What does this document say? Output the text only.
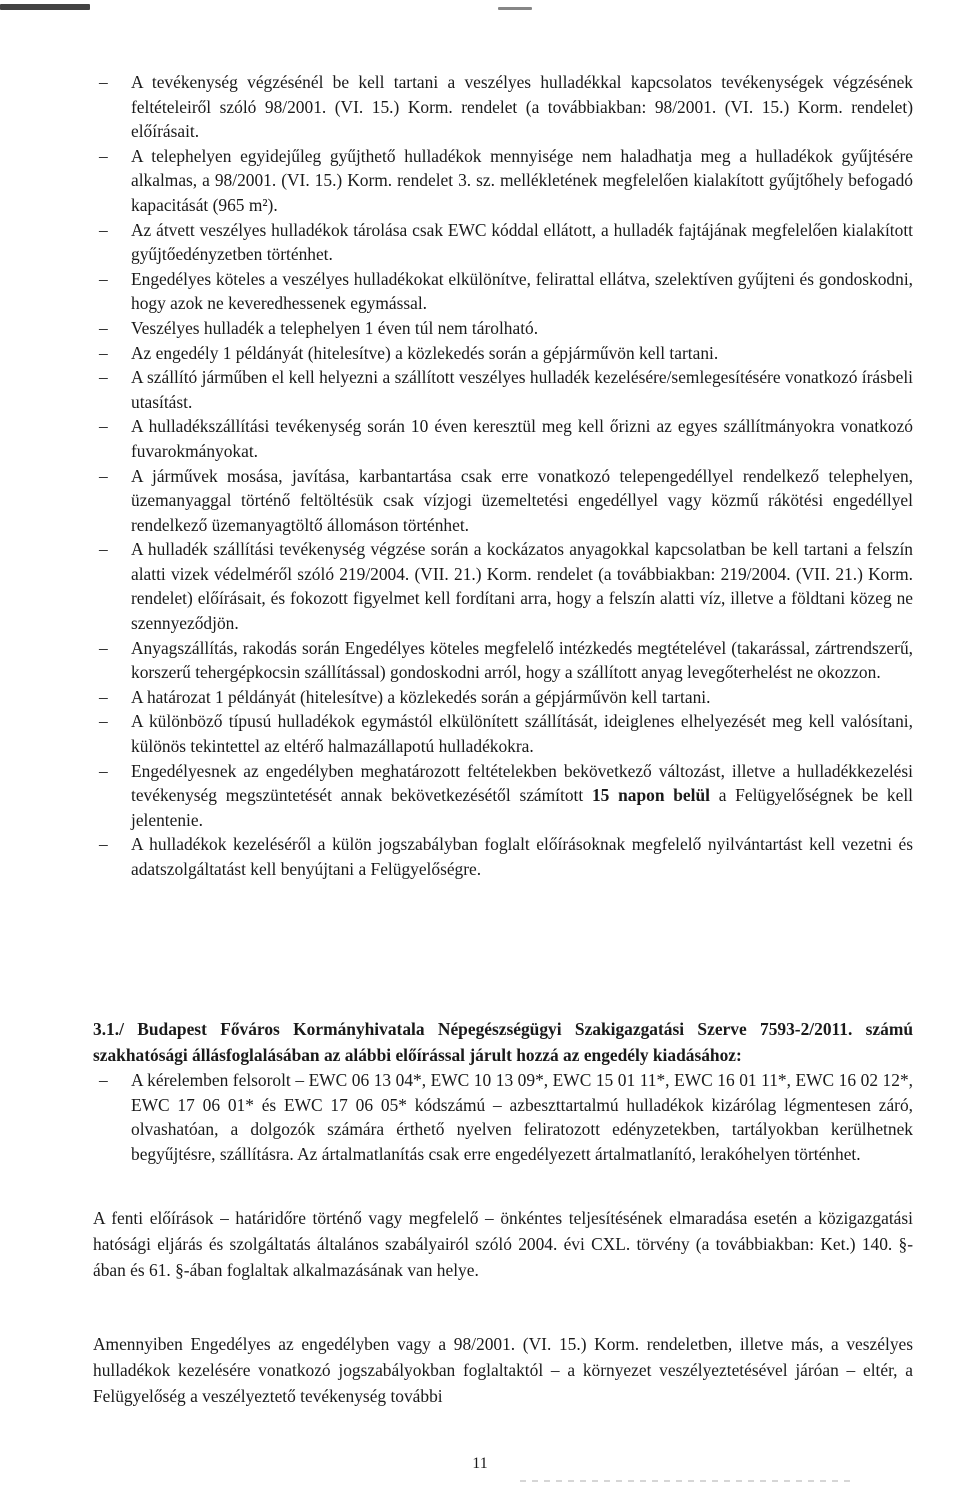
–	A tevékenység végzésénél be kell tartani a veszélyes hulladékkal kapcsolatos tevékenységek végzésének feltételeiről szóló 98/2001. (VI. 15.) Korm. rendelet (a továbbiakban: 98/2001. (VI. 15.) Korm. rendelet) előírásait.
–	A telephelyen egyidejűleg gyűjthető hulladékok mennyisége nem haladhatja meg a hulladékok gyűjtésére alkalmas, a 98/2001. (VI. 15.) Korm. rendelet 3. sz. mellékletének megfelelően kialakított gyűjtőhely befogadó kapacitását (965 m²).
–	Az átvett veszélyes hulladékok tárolása csak EWC kóddal ellátott, a hulladék fajtájának megfelelően kialakított gyűjtőedényzetben történhet.
–	Engedélyes köteles a veszélyes hulladékokat elkülönítve, felirattal ellátva, szelektíven gyűjteni és gondoskodni, hogy azok ne keveredhessenek egymással.
–	Veszélyes hulladék a telephelyen 1 éven túl nem tárolható.
–	Az engedély 1 példányát (hitelesítve) a közlekedés során a gépjárművön kell tartani.
–	A szállító járműben el kell helyezni a szállított veszélyes hulladék kezelésére/semlegesítésére vonatkozó írásbeli utasítást.
–	A hulladékszállítási tevékenység során 10 éven keresztül meg kell őrizni az egyes szállítmányokra vonatkozó fuvarokmányokat.
–	A járművek mosása, javítása, karbantartása csak erre vonatkozó telepengedéllyel rendelkező telephelyen, üzemanyaggal történő feltöltésük csak vízjogi üzemeltetési engedéllyel vagy közmű rákötési engedéllyel rendelkező üzemanyagtöltő állomáson történhet.
–	A hulladék szállítási tevékenység végzése során a kockázatos anyagokkal kapcsolatban be kell tartani a felszín alatti vizek védelméről szóló 219/2004. (VII. 21.) Korm. rendelet (a továbbiakban: 219/2004. (VII. 21.) Korm. rendelet) előírásait, és fokozott figyelmet kell fordítani arra, hogy a felszín alatti víz, illetve a földtani közeg ne szennyeződjön.
–	Anyagszállítás, rakodás során Engedélyes köteles megfelelő intézkedés megtételével (takarással, zártrendszerű, korszerű tehergépkocsin szállítással) gondoskodni arról, hogy a szállított anyag levegőterhelést ne okozzon.
–	A határozat 1 példányát (hitelesítve) a közlekedés során a gépjárművön kell tartani.
–	A különböző típusú hulladékok egymástól elkülönített szállítását, ideiglenes elhelyezését meg kell valósítani, különös tekintettel az eltérő halmazállapotú hulladékokra.
–	Engedélyesnek az engedélyben meghatározott feltételekben bekövetkező változást, illetve a hulladékkezelési tevékenység megszüntetését annak bekövetkezésétől számított 15 napon belül a Felügyelőségnek be kell jelentenie.
–	A hulladékok kezeléséről a külön jogszabályban foglalt előírásoknak megfelelő nyilvántartást kell vezetni és adatszolgáltatást kell benyújtani a Felügyelőségre.

3.1./ Budapest Főváros Kormányhivatala Népegészségügyi Szakigazgatási Szerve 7593-2/2011. számú szakhatósági állásfoglalásában az alábbi előírással járult hozzá az engedély kiadásához:

–	A kérelemben felsorolt – EWC 06 13 04*, EWC 10 13 09*, EWC 15 01 11*, EWC 16 01 11*, EWC 16 02 12*, EWC 17 06 01* és EWC 17 06 05* kódszámú – azbeszttartalmú hulladékok kizárólag légmentesen záró, olvashatóan, a dolgozók számára érthető nyelven feliratozott edényzetekben, tartályokban kerülhetnek begyűjtésre, szállításra. Az ártalmatlanítás csak erre engedélyezett ártalmatlanító, lerakóhelyen történhet.

A fenti előírások – határidőre történő vagy megfelelő – önkéntes teljesítésének elmaradása esetén a közigazgatási hatósági eljárás és szolgáltatás általános szabályairól szóló 2004. évi CXL. törvény (a továbbiakban: Ket.) 140. §-ában és 61. §-ában foglaltak alkalmazásának van helye.

Amennyiben Engedélyes az engedélyben vagy a 98/2001. (VI. 15.) Korm. rendeletben, illetve más, a veszélyes hulladékok kezelésére vonatkozó jogszabályokban foglaltaktól – a környezet veszélyeztetésével járóan – eltér, a Felügyelőség a veszélyeztető tevékenység további

11
